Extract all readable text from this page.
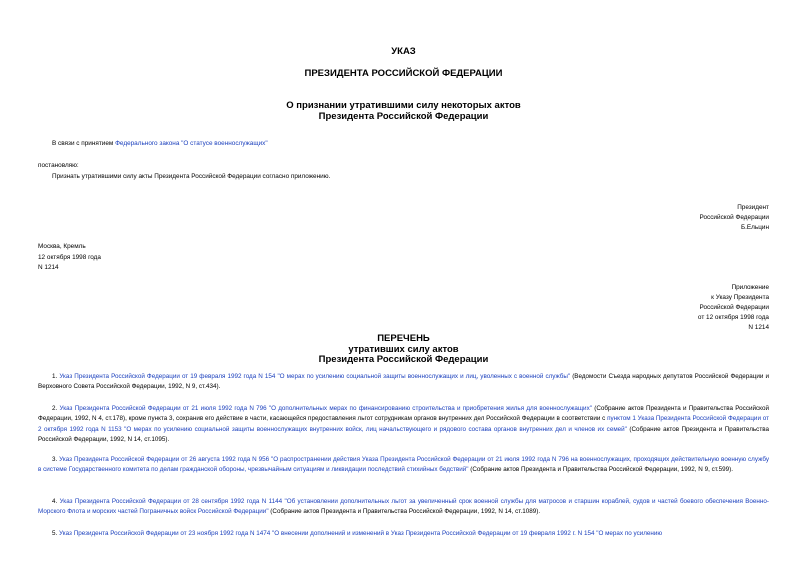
УКАЗ
ПРЕЗИДЕНТА РОССИЙСКОЙ ФЕДЕРАЦИИ
О признании утратившими силу некоторых актов
Президента Российской Федерации
В связи с принятием Федерального закона "О статусе военнослужащих"
постановляю:
Признать утратившими силу акты Президента Российской Федерации согласно приложению.
Президент
Российской Федерации
Б.Ельцин
Москва, Кремль
12 октября 1998 года
N 1214
Приложение
к Указу Президента
Российской Федерации
от 12 октября 1998 года
N 1214
ПЕРЕЧЕНЬ
утративших силу актов
Президента Российской Федерации
1. Указ Президента Российской Федерации от 19 февраля 1992 года N 154 "О мерах по усилению социальной защиты военнослужащих и лиц, уволенных с военной службы" (Ведомости Съезда народных депутатов Российской Федерации и Верховного Совета Российской Федерации, 1992, N 9, ст.434).
2. Указ Президента Российской Федерации от 21 июля 1992 года N 796 "О дополнительных мерах по финансированию строительства и приобретения жилья для военнослужащих" (Собрание актов Президента и Правительства Российской Федерации, 1992, N 4, ст.178), кроме пункта 3, сохранив его действие в части, касающейся предоставления льгот сотрудникам органов внутренних дел Российской Федерации в соответствии с пунктом 1 Указа Президента Российской Федерации от 2 октября 1992 года N 1153 "О мерах по усилению социальной защиты военнослужащих внутренних войск, лиц начальствующего и рядового состава органов внутренних дел и членов их семей" (Собрание актов Президента и Правительства Российской Федерации, 1992, N 14, ст.1095).
3. Указ Президента Российской Федерации от 26 августа 1992 года N 956 "О распространении действия Указа Президента Российской Федерации от 21 июля 1992 года N 796 на военнослужащих, проходящих действительную военную службу в системе Государственного комитета по делам гражданской обороны, чрезвычайным ситуациям и ликвидации последствий стихийных бедствий" (Собрание актов Президента и Правительства Российской Федерации, 1992, N 9, ст.599).
4. Указ Президента Российской Федерации от 28 сентября 1992 года N 1144 "Об установлении дополнительных льгот за увеличенный срок военной службы для матросов и старшин кораблей, судов и частей боевого обеспечения Военно-Морского Флота и морских частей Пограничных войск Российской Федерации" (Собрание актов Президента и Правительства Российской Федерации, 1992, N 14, ст.1089).
5. Указ Президента Российской Федерации от 23 ноября 1992 года N 1474 "О внесении дополнений и изменений в Указ Президента Российской Федерации от 19 февраля 1992 г. N 154 "О мерах по усилению
